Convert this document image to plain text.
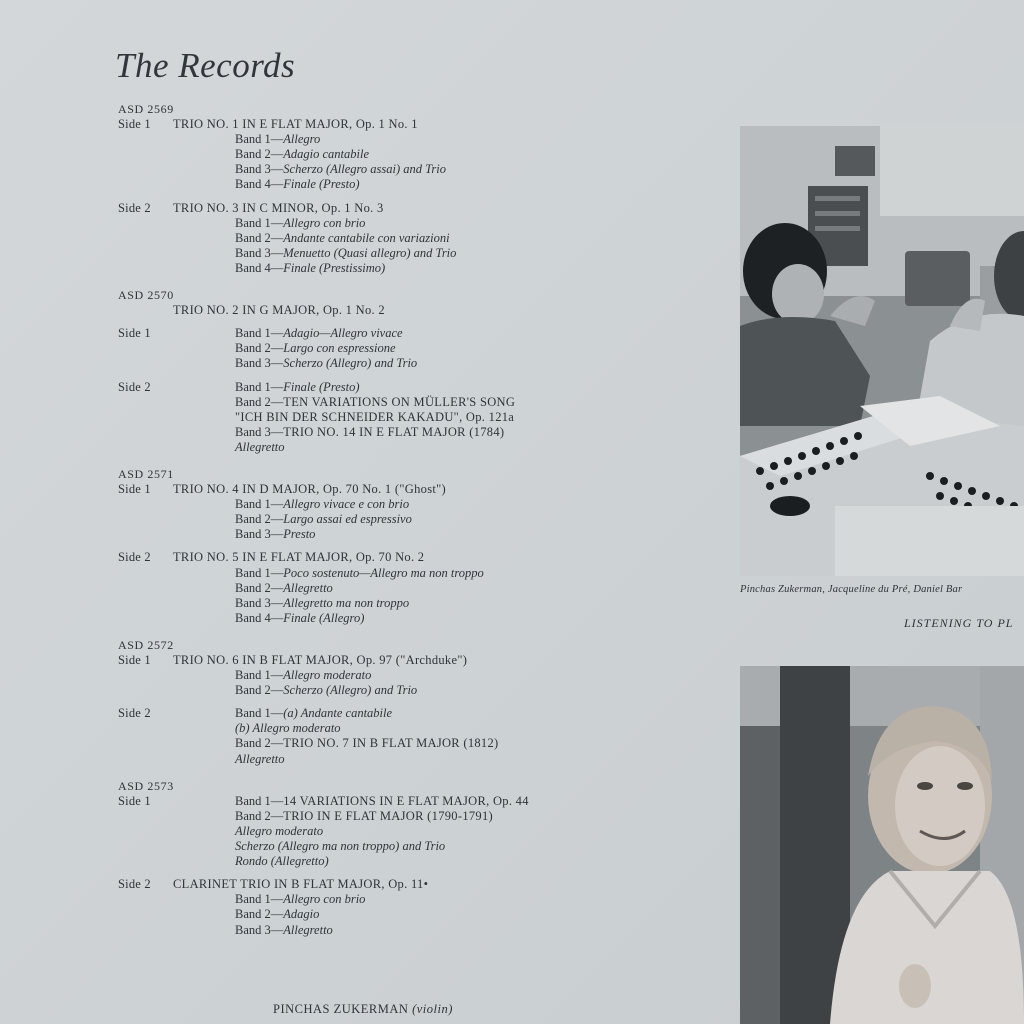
The Records
ASD 2569
Side 1	TRIO NO. 1 IN E FLAT MAJOR, Op. 1 No. 1
Band 1—Allegro
Band 2—Adagio cantabile
Band 3—Scherzo (Allegro assai) and Trio
Band 4—Finale (Presto)
Side 2	TRIO NO. 3 IN C MINOR, Op. 1 No. 3
Band 1—Allegro con brio
Band 2—Andante cantabile con variazioni
Band 3—Menuetto (Quasi allegro) and Trio
Band 4—Finale (Prestissimo)
ASD 2570
TRIO NO. 2 IN G MAJOR, Op. 1 No. 2
Side 1	Band 1—Adagio—Allegro vivace
Band 2—Largo con espressione
Band 3—Scherzo (Allegro) and Trio
Side 2	Band 1—Finale (Presto)
Band 2—TEN VARIATIONS ON MÜLLER'S SONG
"ICH BIN DER SCHNEIDER KAKADU", Op. 121a
Band 3—TRIO NO. 14 IN E FLAT MAJOR (1784)
Allegretto
ASD 2571
Side 1	TRIO NO. 4 IN D MAJOR, Op. 70 No. 1 ("Ghost")
Band 1—Allegro vivace e con brio
Band 2—Largo assai ed espressivo
Band 3—Presto
Side 2	TRIO NO. 5 IN E FLAT MAJOR, Op. 70 No. 2
Band 1—Poco sostenuto—Allegro ma non troppo
Band 2—Allegretto
Band 3—Allegretto ma non troppo
Band 4—Finale (Allegro)
ASD 2572
Side 1	TRIO NO. 6 IN B FLAT MAJOR, Op. 97 ("Archduke")
Band 1—Allegro moderato
Band 2—Scherzo (Allegro) and Trio
Side 2	Band 1—(a) Andante cantabile
(b) Allegro moderato
Band 2—TRIO NO. 7 IN B FLAT MAJOR (1812)
Allegretto
ASD 2573
Side 1	Band 1—14 VARIATIONS IN E FLAT MAJOR, Op. 44
Band 2—TRIO IN E FLAT MAJOR (1790-1791)
Allegro moderato
Scherzo (Allegro ma non troppo) and Trio
Rondo (Allegretto)
Side 2	CLARINET TRIO IN B FLAT MAJOR, Op. 11•
Band 1—Allegro con brio
Band 2—Adagio
Band 3—Allegretto
PINCHAS ZUKERMAN (violin)
Pinchas Zukerman, Jacqueline du Pré, Daniel Bar
LISTENING TO PL
